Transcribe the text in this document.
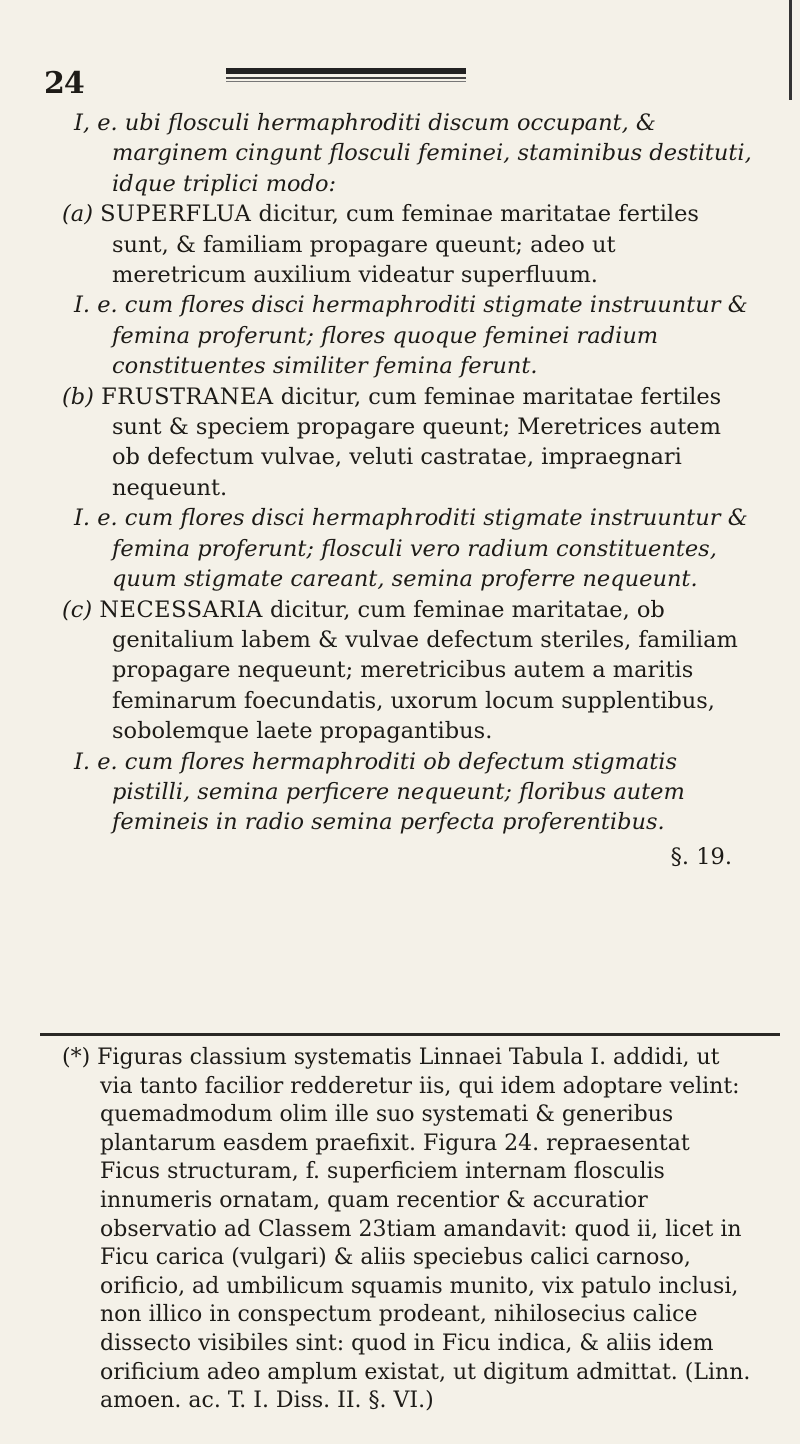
24

I, e. ubi flosculi hermaphroditi discum occupant, & marginem cingunt flosculi feminei, staminibus destituti, idque triplici modo:

(a) SUPERFLUA dicitur, cum feminae maritatae fertiles sunt, & familiam propagare queunt; adeo ut meretricum auxilium videatur superfluum.

I. e. cum flores disci hermaphroditi stigmate instruuntur & femina proferunt; flores quoque feminei radium constituentes similiter femina ferunt.

(b) FRUSTRANEA dicitur, cum feminae maritatae fertiles sunt & speciem propagare queunt; Meretrices autem ob defectum vulvae, veluti castratae, impraegnari nequeunt.

I. e. cum flores disci hermaphroditi stigmate instruuntur & femina proferunt; flosculi vero radium constituentes, quum stigmate careant, semina proferre nequeunt.

(c) NECESSARIA dicitur, cum feminae maritatae, ob genitalium labem & vulvae defectum steriles, familiam propagare nequeunt; meretricibus autem a maritis feminarum foecundatis, uxorum locum supplentibus, sobolemque laete propagantibus.

I. e. cum flores hermaphroditi ob defectum stigmatis pistilli, semina perficere nequeunt; floribus autem femineis in radio semina perfecta proferentibus.

§. 19.

(*) Figuras classium systematis Linnaei Tabula I. addidi, ut via tanto facilior redderetur iis, qui idem adoptare velint: quemadmodum olim ille suo systemati & generibus plantarum easdem praefixit. Figura 24. repraesentat Ficus structuram, f. superficiem internam flosculis innumeris ornatam, quam recentior & accuratior observatio ad Classem 23tiam amandavit: quod ii, licet in Ficu carica (vulgari) & aliis speciebus calici carnoso, orificio, ad umbilicum squamis munito, vix patulo inclusi, non illico in conspectum prodeant, nihilosecius calice dissecto visibiles sint: quod in Ficu indica, & aliis idem orificium adeo amplum existat, ut digitum admittat. (Linn. amoen. ac. T. I. Diss. II. §. VI.)
